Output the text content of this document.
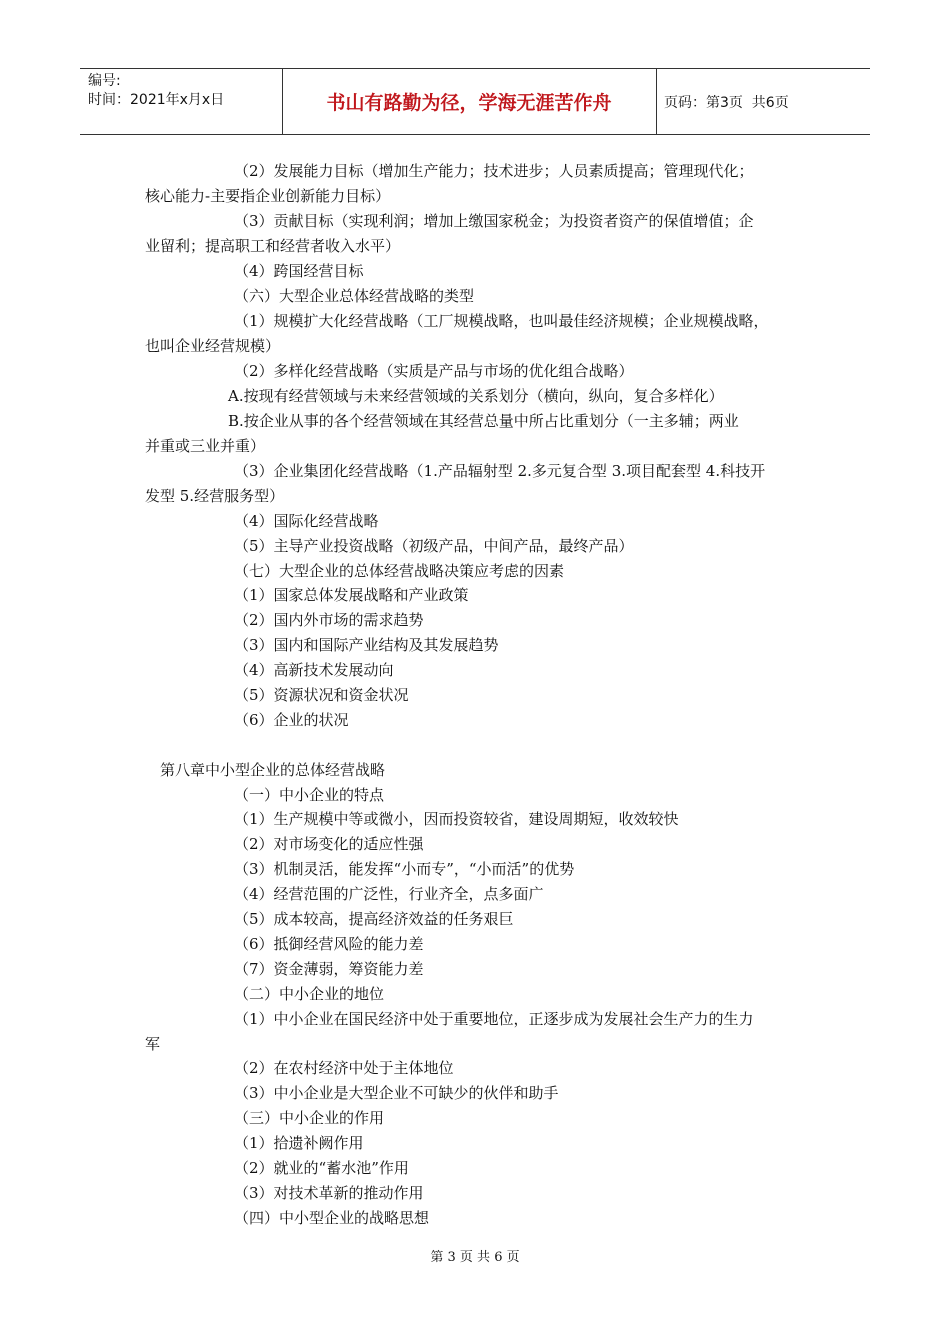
编号:
时间：2021年x月x日	书山有路勤为径，学海无涯苦作舟	页码：第3页  共6页
（2）发展能力目标（增加生产能力；技术进步；人员素质提高；管理现代化；
核心能力-主要指企业创新能力目标）
（3）贡献目标（实现利润；增加上缴国家税金；为投资者资产的保值增值；企
业留利；提高职工和经营者收入水平）
（4）跨国经营目标
（六）大型企业总体经营战略的类型
（1）规模扩大化经营战略（工厂规模战略，也叫最佳经济规模；企业规模战略，
也叫企业经营规模）
（2）多样化经营战略（实质是产品与市场的优化组合战略）
A.按现有经营领域与未来经营领域的关系划分（横向，纵向，复合多样化）
B.按企业从事的各个经营领域在其经营总量中所占比重划分（一主多辅；两业
并重或三业并重）
（3）企业集团化经营战略（1.产品辐射型 2.多元复合型 3.项目配套型 4.科技开
发型 5.经营服务型）
（4）国际化经营战略
（5）主导产业投资战略（初级产品，中间产品，最终产品）
（七）大型企业的总体经营战略决策应考虑的因素
（1）国家总体发展战略和产业政策
（2）国内外市场的需求趋势
（3）国内和国际产业结构及其发展趋势
（4）高新技术发展动向
（5）资源状况和资金状况
（6）企业的状况
第八章中小型企业的总体经营战略
（一）中小企业的特点
（1）生产规模中等或微小，因而投资较省，建设周期短，收效较快
（2）对市场变化的适应性强
（3）机制灵活，能发挥“小而专”，“小而活”的优势
（4）经营范围的广泛性，行业齐全，点多面广
（5）成本较高，提高经济效益的任务艰巨
（6）抵御经营风险的能力差
（7）资金薄弱，筹资能力差
（二）中小企业的地位
（1）中小企业在国民经济中处于重要地位，正逐步成为发展社会生产力的生力
军
（2）在农村经济中处于主体地位
（3）中小企业是大型企业不可缺少的伙伴和助手
（三）中小企业的作用
（1）拾遗补阙作用
（2）就业的“蓄水池”作用
（3）对技术革新的推动作用
（四）中小型企业的战略思想
第 3 页 共 6 页
